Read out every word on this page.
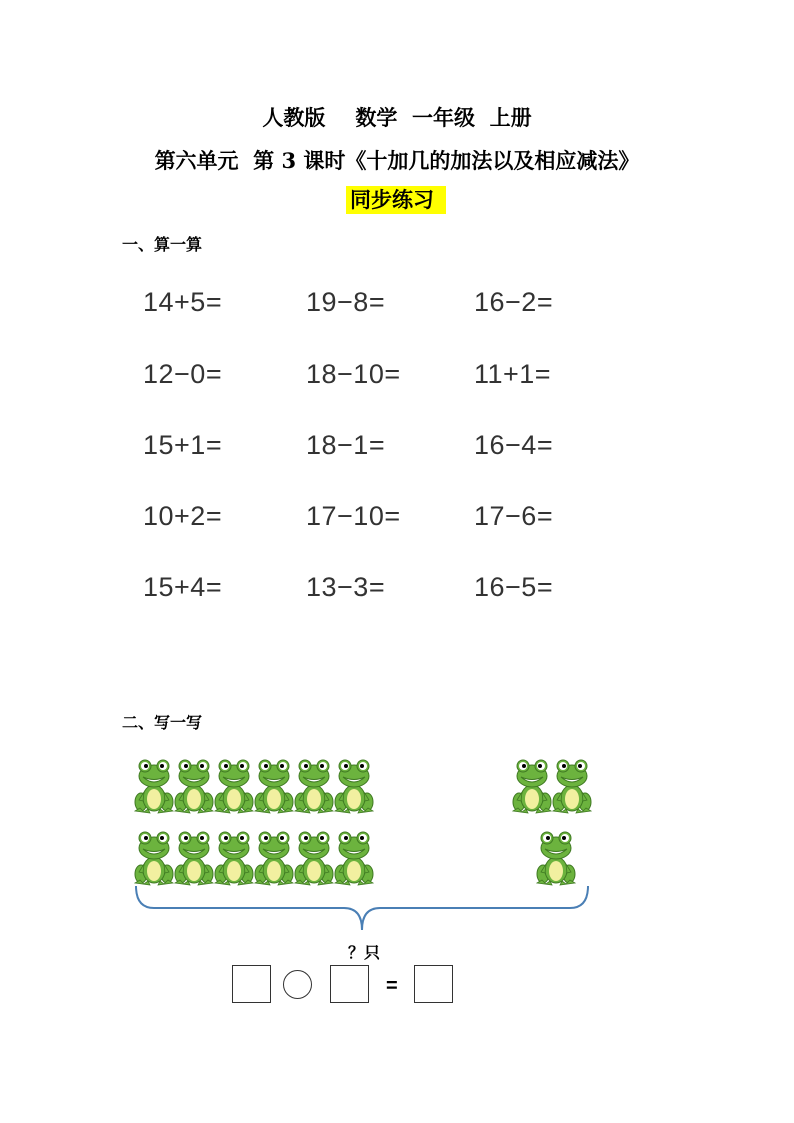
人教版 数学  一年级  上册
第六单元  第 3 课时《十加几的加法以及相应减法》
同步练习
一、算一算
14+5=	19−8=	16−2=
12−0=	18−10=	11+1=
15+1=	18−1=	16−4=
10+2=	17−10=	17−6=
15+4=	13−3=	16−5=
二、写一写
？只
=
